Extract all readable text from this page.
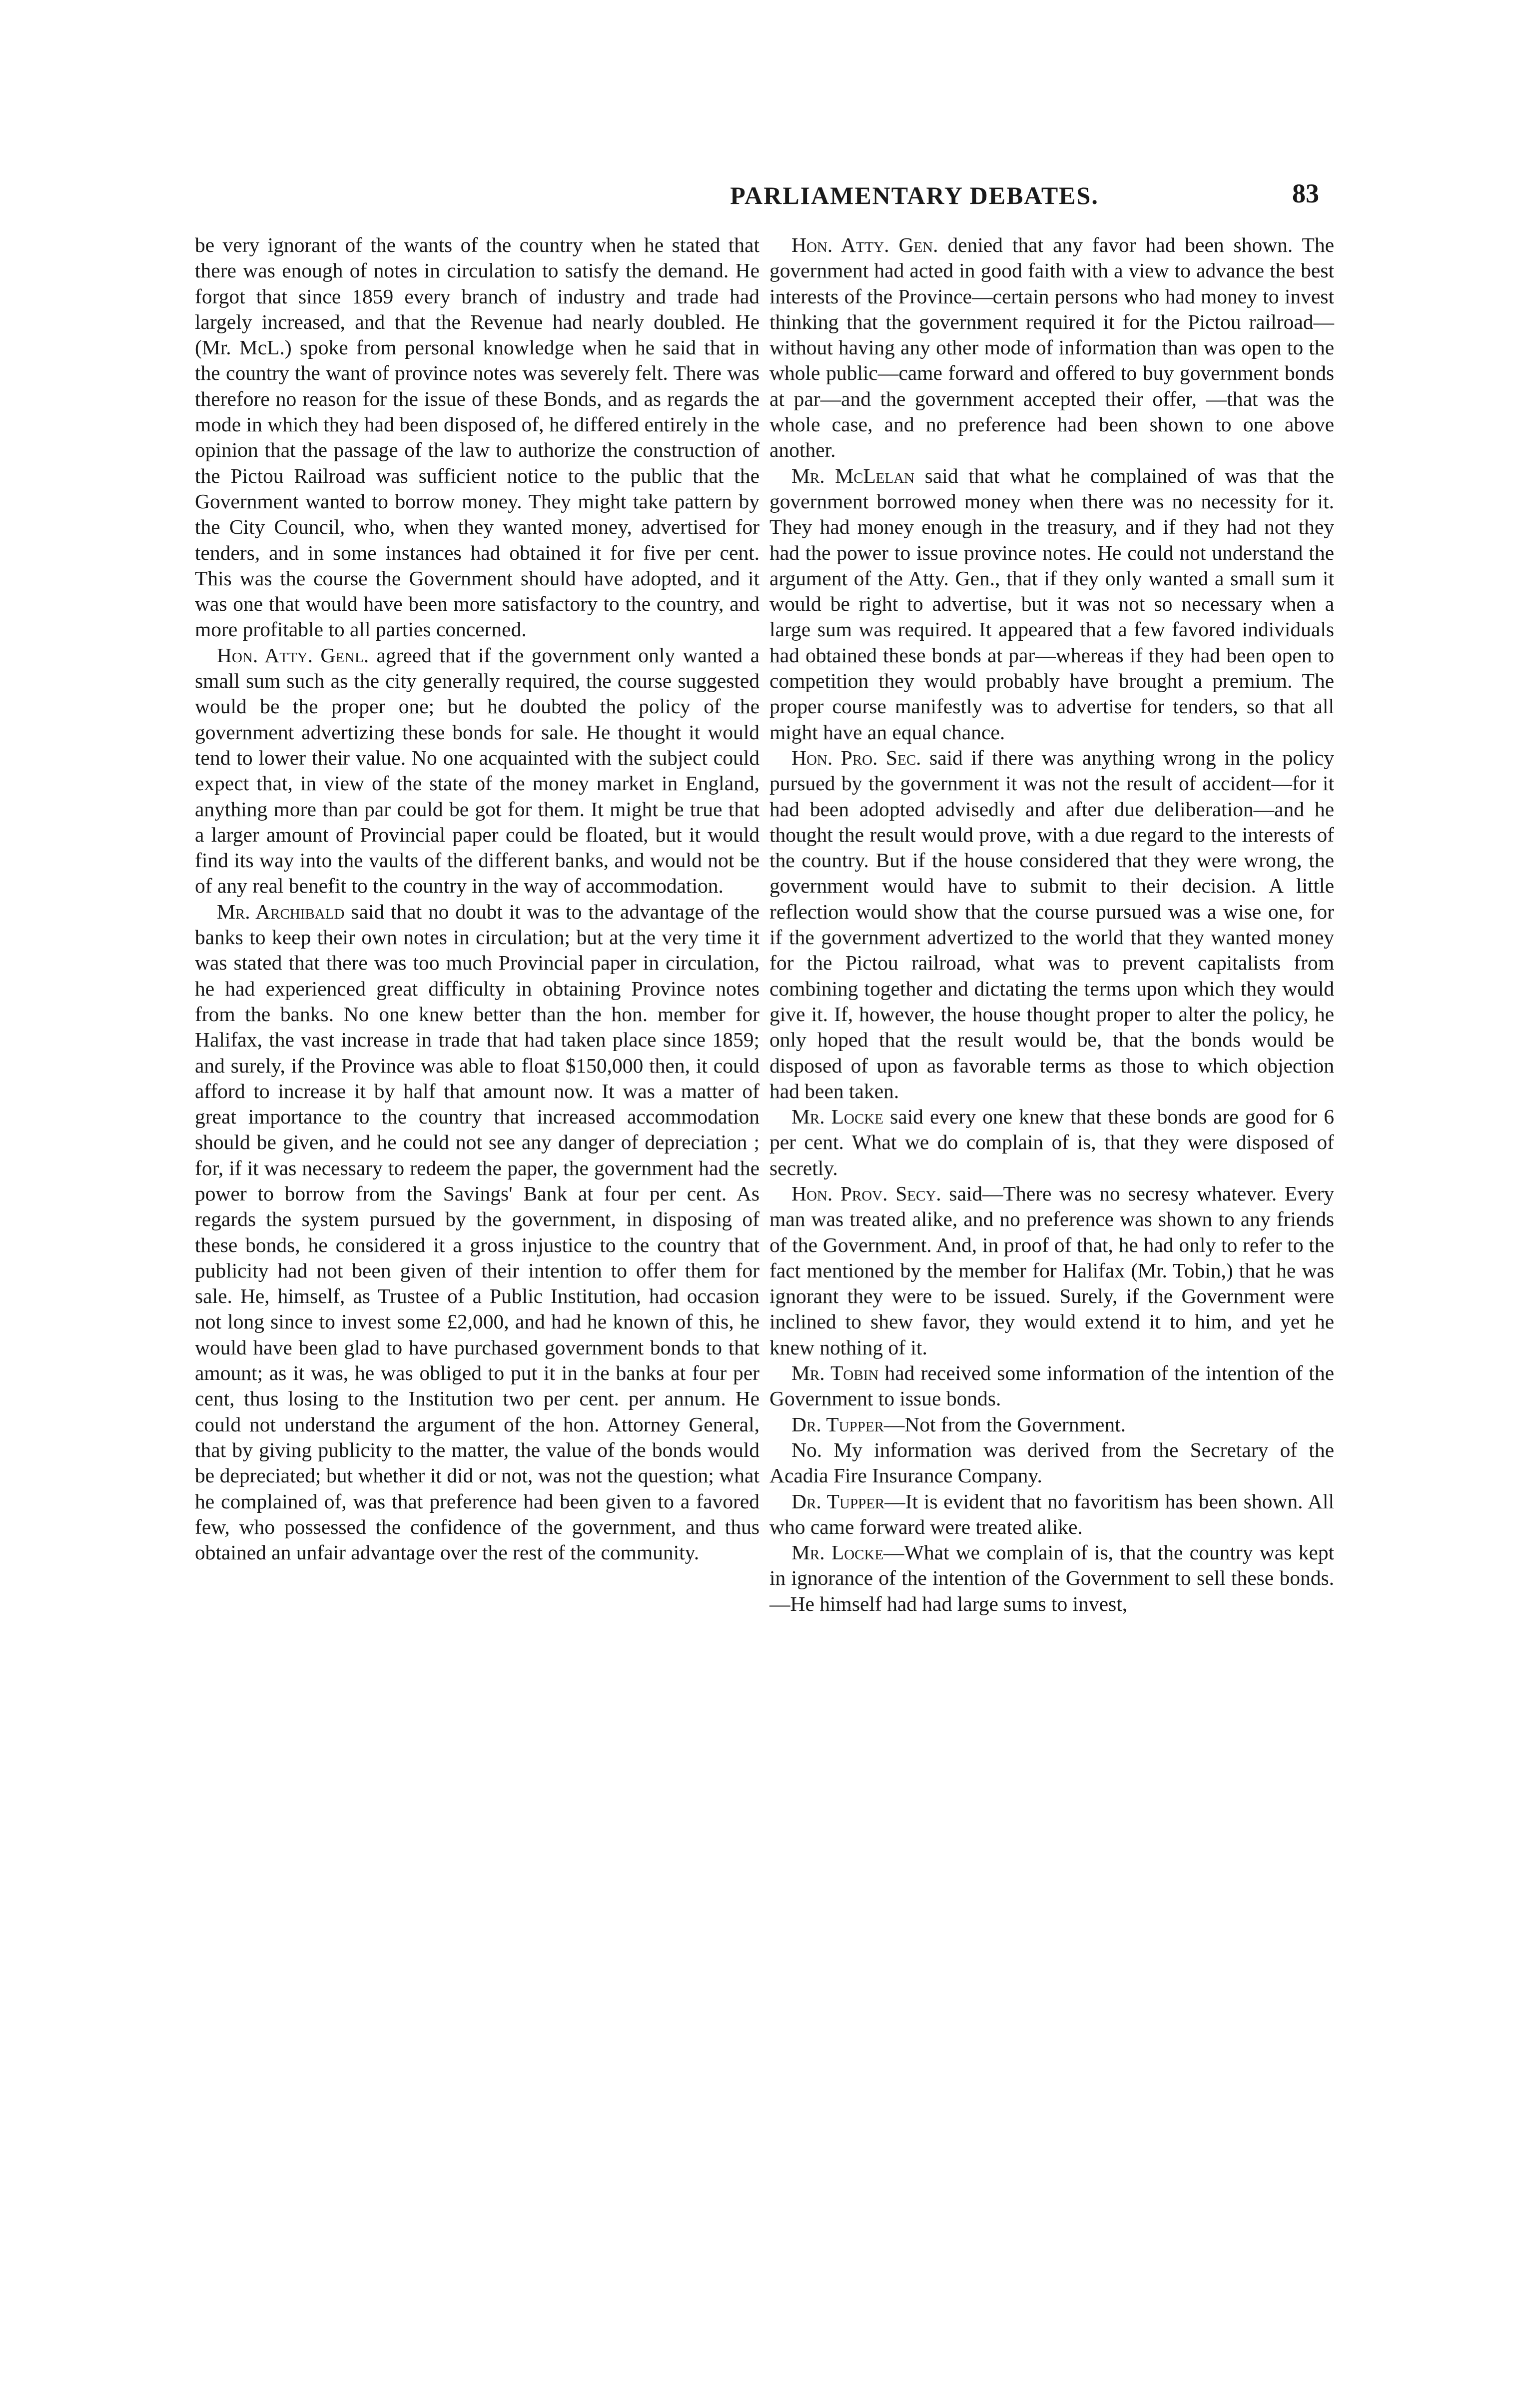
PARLIAMENTARY DEBATES.	83

be very ignorant of the wants of the country when he stated that there was enough of notes in circulation to satisfy the demand. He forgot that since 1859 every branch of industry and trade had largely increased, and that the Revenue had nearly doubled. He (Mr. McL.) spoke from personal knowledge when he said that in the country the want of province notes was severely felt. There was therefore no reason for the issue of these Bonds, and as regards the mode in which they had been disposed of, he differed entirely in the opinion that the passage of the law to authorize the construction of the Pictou Railroad was sufficient notice to the public that the Government wanted to borrow money. They might take pattern by the City Council, who, when they wanted money, advertised for tenders, and in some instances had obtained it for five per cent. This was the course the Government should have adopted, and it was one that would have been more satisfactory to the country, and more profitable to all parties concerned.

Hon. Atty. Genl. agreed that if the government only wanted a small sum such as the city generally required, the course suggested would be the proper one; but he doubted the policy of the government advertizing these bonds for sale. He thought it would tend to lower their value. No one acquainted with the subject could expect that, in view of the state of the money market in England, anything more than par could be got for them. It might be true that a larger amount of Provincial paper could be floated, but it would find its way into the vaults of the different banks, and would not be of any real benefit to the country in the way of accommodation.

Mr. Archibald said that no doubt it was to the advantage of the banks to keep their own notes in circulation; but at the very time it was stated that there was too much Provincial paper in circulation, he had experienced great difficulty in obtaining Province notes from the banks. No one knew better than the hon. member for Halifax, the vast increase in trade that had taken place since 1859; and surely, if the Province was able to float $150,000 then, it could afford to increase it by half that amount now. It was a matter of great importance to the country that increased accommodation should be given, and he could not see any danger of depreciation ; for, if it was necessary to redeem the paper, the government had the power to borrow from the Savings' Bank at four per cent. As regards the system pursued by the government, in disposing of these bonds, he considered it a gross injustice to the country that publicity had not been given of their intention to offer them for sale. He, himself, as Trustee of a Public Institution, had occasion not long since to invest some £2,000, and had he known of this, he would have been glad to have purchased government bonds to that amount; as it was, he was obliged to put it in the banks at four per cent, thus losing to the Institution two per cent. per annum. He could not understand the argument of the hon. Attorney General, that by giving publicity to the matter, the value of the bonds would be depreciated; but whether it did or not, was not the question; what he complained of, was that preference had been given to a favored few, who possessed the confidence of the government, and thus obtained an unfair advantage over the rest of the community.

Hon. Atty. Gen. denied that any favor had been shown. The government had acted in good faith with a view to advance the best interests of the Province—certain persons who had money to invest thinking that the government required it for the Pictou railroad—without having any other mode of information than was open to the whole public—came forward and offered to buy government bonds at par—and the government accepted their offer, —that was the whole case, and no preference had been shown to one above another.

Mr. McLelan said that what he complained of was that the government borrowed money when there was no necessity for it. They had money enough in the treasury, and if they had not they had the power to issue province notes. He could not understand the argument of the Atty. Gen., that if they only wanted a small sum it would be right to advertise, but it was not so necessary when a large sum was required. It appeared that a few favored individuals had obtained these bonds at par—whereas if they had been open to competition they would probably have brought a premium. The proper course manifestly was to advertise for tenders, so that all might have an equal chance.

Hon. Pro. Sec. said if there was anything wrong in the policy pursued by the government it was not the result of accident—for it had been adopted advisedly and after due deliberation—and he thought the result would prove, with a due regard to the interests of the country. But if the house considered that they were wrong, the government would have to submit to their decision. A little reflection would show that the course pursued was a wise one, for if the government advertized to the world that they wanted money for the Pictou railroad, what was to prevent capitalists from combining together and dictating the terms upon which they would give it. If, however, the house thought proper to alter the policy, he only hoped that the result would be, that the bonds would be disposed of upon as favorable terms as those to which objection had been taken.

Mr. Locke said every one knew that these bonds are good for 6 per cent. What we do complain of is, that they were disposed of secretly.

Hon. Prov. Secy. said—There was no secresy whatever. Every man was treated alike, and no preference was shown to any friends of the Government. And, in proof of that, he had only to refer to the fact mentioned by the member for Halifax (Mr. Tobin,) that he was ignorant they were to be issued. Surely, if the Government were inclined to shew favor, they would extend it to him, and yet he knew nothing of it.

Mr. Tobin had received some information of the intention of the Government to issue bonds.

Dr. Tupper—Not from the Government.

No. My information was derived from the Secretary of the Acadia Fire Insurance Company.

Dr. Tupper—It is evident that no favoritism has been shown. All who came forward were treated alike.

Mr. Locke—What we complain of is, that the country was kept in ignorance of the intention of the Government to sell these bonds.—He himself had had large sums to invest,
